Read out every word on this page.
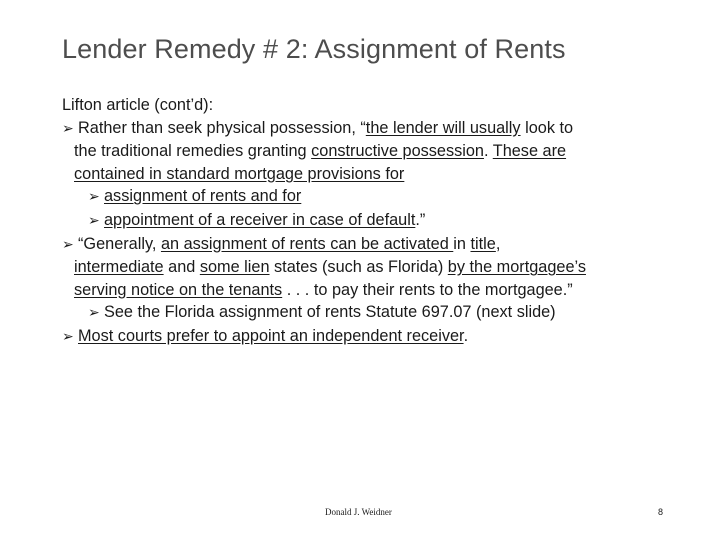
Lender Remedy # 2: Assignment of Rents

Lifton article (cont’d):

➢ Rather than seek physical possession, “the lender will usually look to

the traditional remedies granting constructive possession. These are

contained in standard mortgage provisions for

➢ assignment of rents and for

➢ appointment of a receiver in case of default.”

➢ “Generally, an assignment of rents can be activated in title,

intermediate and some lien states (such as Florida) by the mortgagee’s

serving notice on the tenants . . . to pay their rents to the mortgagee.”

➢ See the Florida assignment of rents Statute 697.07 (next slide)

➢ Most courts prefer to appoint an independent receiver.

Donald J. Weidner	8
